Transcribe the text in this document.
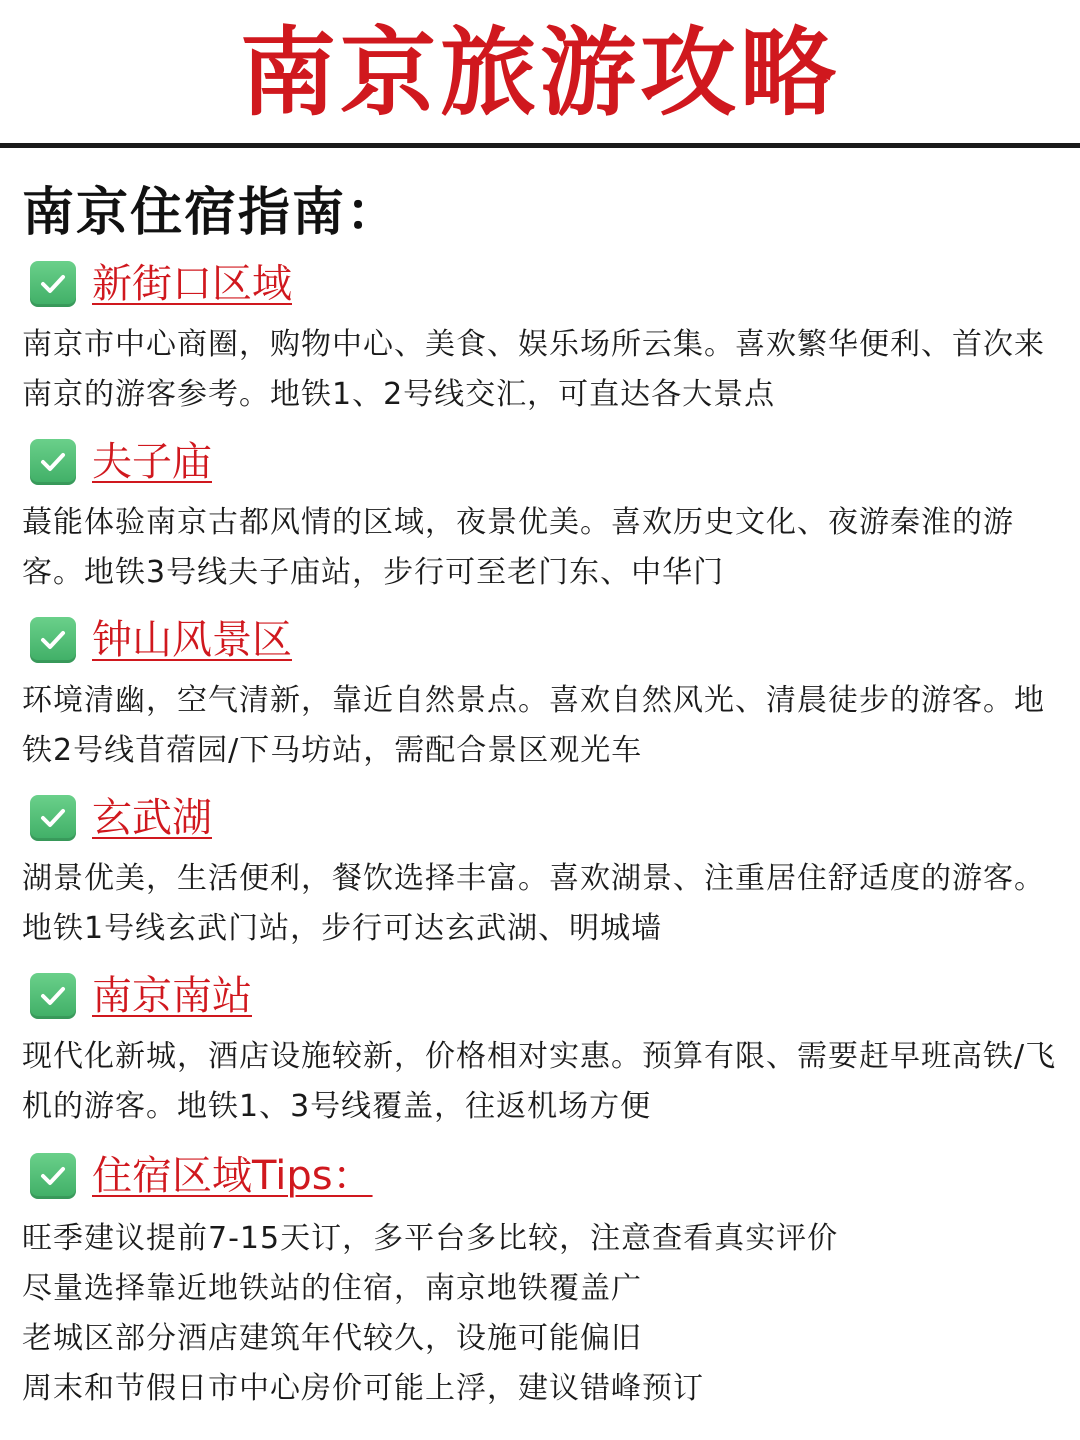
南京旅游攻略
南京住宿指南：
新街口区域
南京市中心商圈，购物中心、美食、娱乐场所云集。喜欢繁华便利、首次来南京的游客参考。地铁1、2号线交汇，可直达各大景点
夫子庙
蕞能体验南京古都风情的区域，夜景优美。喜欢历史文化、夜游秦淮的游客。地铁3号线夫子庙站，步行可至老门东、中华门
钟山风景区
环境清幽，空气清新，靠近自然景点。喜欢自然风光、清晨徒步的游客。地铁2号线苜蓿园/下马坊站，需配合景区观光车
玄武湖
湖景优美，生活便利，餐饮选择丰富。喜欢湖景、注重居住舒适度的游客。地铁1号线玄武门站，步行可达玄武湖、明城墙
南京南站
现代化新城，酒店设施较新，价格相对实惠。预算有限、需要赶早班高铁/飞机的游客。地铁1、3号线覆盖，往返机场方便
住宿区域Tips：
旺季建议提前7-15天订，多平台多比较，注意查看真实评价
尽量选择靠近地铁站的住宿，南京地铁覆盖广
老城区部分酒店建筑年代较久，设施可能偏旧
周末和节假日市中心房价可能上浮，建议错峰预订
